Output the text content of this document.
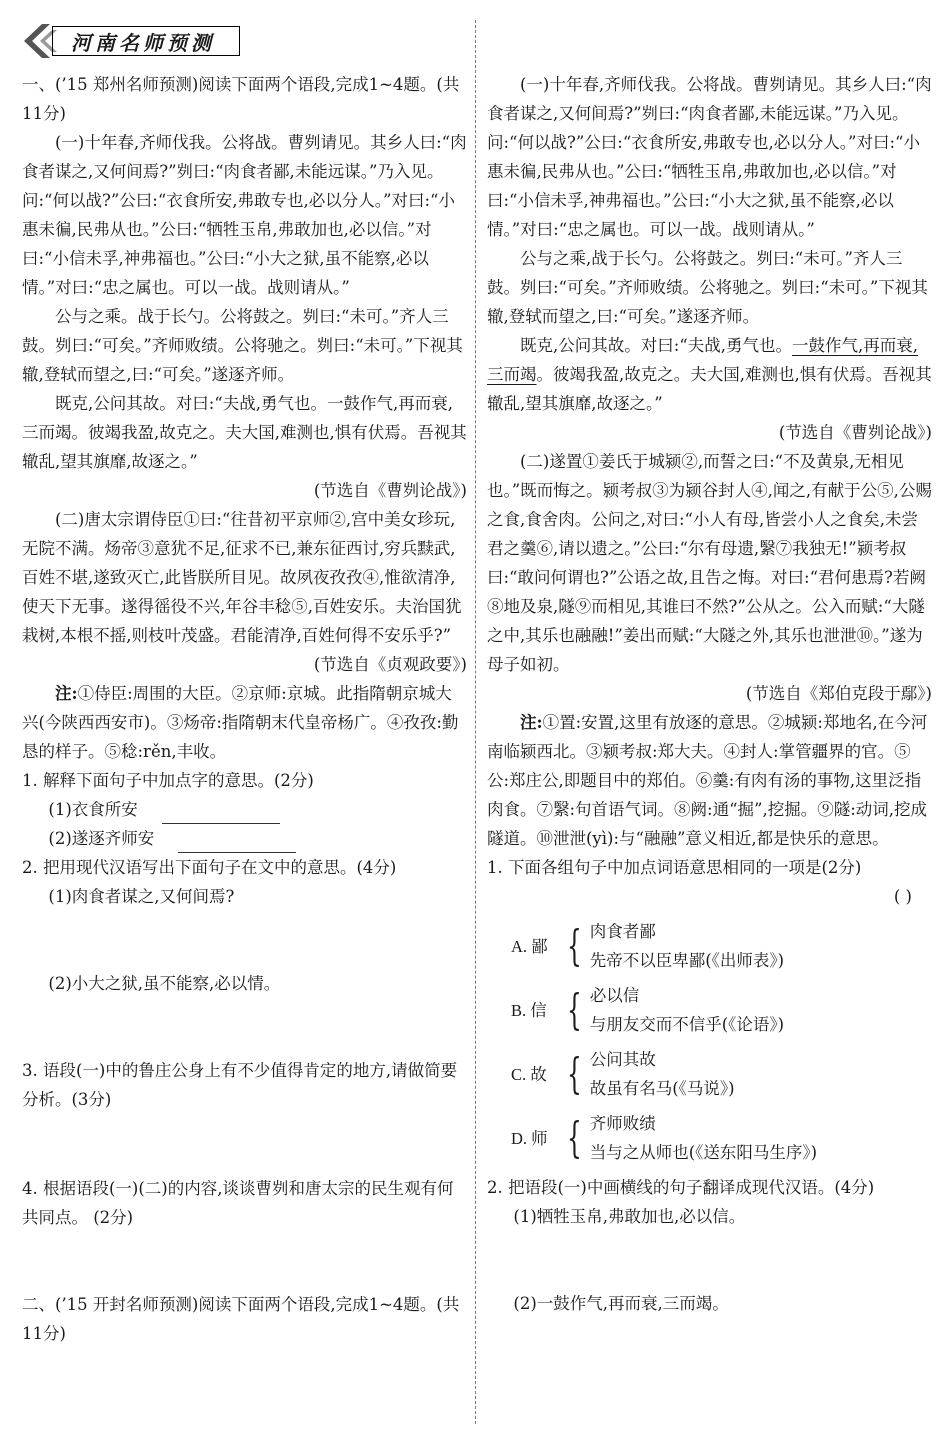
河南名师预测

一、(’15 郑州名师预测)阅读下面两个语段,完成1~4题。(共11分)

(一)十年春,齐师伐我。公将战。曹刿请见。其乡人曰:“肉食者谋之,又何间焉?”刿曰:“肉食者鄙,未能远谋。”乃入见。问:“何以战?”公曰:“衣食所安,弗敢专也,必以分人。”对曰:“小惠未徧,民弗从也。”公曰:“牺牲玉帛,弗敢加也,必以信。”对曰:“小信未孚,神弗福也。”公曰:“小大之狱,虽不能察,必以情。”对曰:“忠之属也。可以一战。战则请从。”

公与之乘。战于长勺。公将鼓之。刿曰:“未可。”齐人三鼓。刿曰:“可矣。”齐师败绩。公将驰之。刿曰:“未可。”下视其辙,登轼而望之,曰:“可矣。”遂逐齐师。

既克,公问其故。对曰:“夫战,勇气也。一鼓作气,再而衰,三而竭。彼竭我盈,故克之。夫大国,难测也,惧有伏焉。吾视其辙乱,望其旗靡,故逐之。”

(节选自《曹刿论战》)

(二)唐太宗谓侍臣①曰:“往昔初平京师②,宫中美女珍玩,无院不满。炀帝③意犹不足,征求不已,兼东征西讨,穷兵黩武,百姓不堪,遂致灭亡,此皆朕所目见。故夙夜孜孜④,惟欲清净,使天下无事。遂得徭役不兴,年谷丰稔⑤,百姓安乐。夫治国犹栽树,本根不摇,则枝叶茂盛。君能清净,百姓何得不安乐乎?”

(节选自《贞观政要》)

注:①侍臣:周围的大臣。②京师:京城。此指隋朝京城大兴(今陕西西安市)。③炀帝:指隋朝末代皇帝杨广。④孜孜:勤恳的样子。⑤稔:rěn,丰收。

1. 解释下面句子中加点字的意思。(2分)

(1)衣食所安

(2)遂逐齐师安

2. 把用现代汉语写出下面句子在文中的意思。(4分)

(1)肉食者谋之,又何间焉?

(2)小大之狱,虽不能察,必以情。

3. 语段(一)中的鲁庄公身上有不少值得肯定的地方,请做简要分析。(3分)

4. 根据语段(一)(二)的内容,谈谈曹刿和唐太宗的民生观有何共同点。 (2分)

二、(’15 开封名师预测)阅读下面两个语段,完成1~4题。(共11分)

(一)十年春,齐师伐我。公将战。曹刿请见。其乡人曰:“肉食者谋之,又何间焉?”刿曰:“肉食者鄙,未能远谋。”乃入见。问:“何以战?”公曰:“衣食所安,弗敢专也,必以分人。”对曰:“小惠未徧,民弗从也。”公曰:“牺牲玉帛,弗敢加也,必以信。”对曰:“小信未孚,神弗福也。”公曰:“小大之狱,虽不能察,必以情。”对曰:“忠之属也。可以一战。战则请从。”

公与之乘,战于长勺。公将鼓之。刿曰:“未可。”齐人三鼓。刿曰:“可矣。”齐师败绩。公将驰之。刿曰:“未可。”下视其辙,登轼而望之,曰:“可矣。”遂逐齐师。

既克,公问其故。对曰:“夫战,勇气也。一鼓作气,再而衰,三而竭。彼竭我盈,故克之。夫大国,难测也,惧有伏焉。吾视其辙乱,望其旗靡,故逐之。”

(节选自《曹刿论战》)

(二)遂置①姜氏于城颍②,而誓之曰:“不及黄泉,无相见也。”既而悔之。颍考叔③为颍谷封人④,闻之,有献于公⑤,公赐之食,食舍肉。公问之,对曰:“小人有母,皆尝小人之食矣,未尝君之羹⑥,请以遗之。”公曰:“尔有母遗,繄⑦我独无!”颍考叔曰:“敢问何谓也?”公语之故,且告之悔。对曰:“君何患焉?若阙⑧地及泉,隧⑨而相见,其谁曰不然?”公从之。公入而赋:“大隧之中,其乐也融融!”姜出而赋:“大隧之外,其乐也泄泄⑩。”遂为母子如初。

(节选自《郑伯克段于鄢》)

注:①置:安置,这里有放逐的意思。②城颍:郑地名,在今河南临颍西北。③颍考叔:郑大夫。④封人:掌管疆界的官。⑤公:郑庄公,即题目中的郑伯。⑥羹:有肉有汤的事物,这里泛指肉食。⑦繄:句首语气词。⑧阙:通“掘”,挖掘。⑨隧:动词,挖成隧道。⑩泄泄(yì):与“融融”意义相近,都是快乐的意思。

1. 下面各组句子中加点词语意思相同的一项是(2分)

( )

A. 鄙 { 肉食者鄙
先帝不以臣卑鄙(《出师表》)
B. 信 { 必以信
与朋友交而不信乎(《论语》)
C. 故 { 公问其故
故虽有名马(《马说》)
D. 师 { 齐师败绩
当与之从师也(《送东阳马生序》)

2. 把语段(一)中画横线的句子翻译成现代汉语。(4分)

(1)牺牲玉帛,弗敢加也,必以信。

(2)一鼓作气,再而衰,三而竭。
